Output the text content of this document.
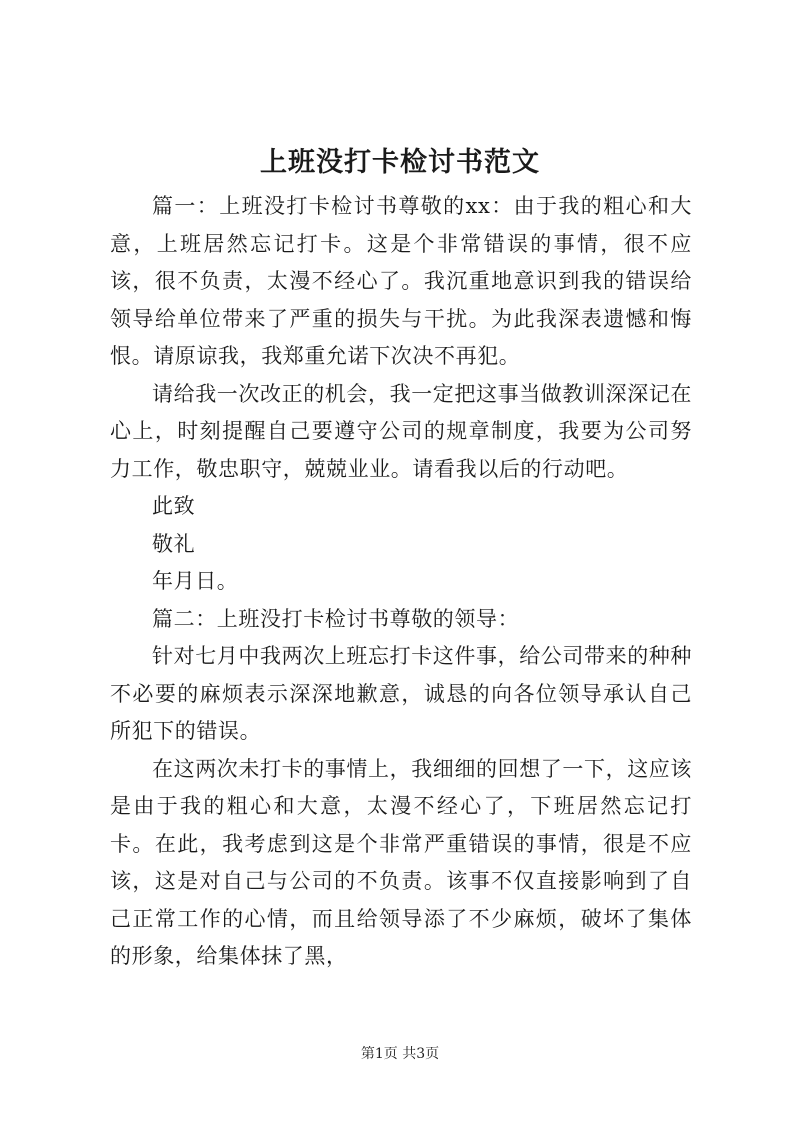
上班没打卡检讨书范文

篇一：上班没打卡检讨书尊敬的xx：由于我的粗心和大意，上班居然忘记打卡。这是个非常错误的事情，很不应该，很不负责，太漫不经心了。我沉重地意识到我的错误给领导给单位带来了严重的损失与干扰。为此我深表遗憾和悔恨。请原谅我，我郑重允诺下次决不再犯。

请给我一次改正的机会，我一定把这事当做教训深深记在心上，时刻提醒自己要遵守公司的规章制度，我要为公司努力工作，敬忠职守，兢兢业业。请看我以后的行动吧。

此致

敬礼

年月日。

篇二：上班没打卡检讨书尊敬的领导：

针对七月中我两次上班忘打卡这件事，给公司带来的种种不必要的麻烦表示深深地歉意，诚恳的向各位领导承认自己所犯下的错误。

在这两次未打卡的事情上，我细细的回想了一下，这应该是由于我的粗心和大意，太漫不经心了，下班居然忘记打卡。在此，我考虑到这是个非常严重错误的事情，很是不应该，这是对自己与公司的不负责。该事不仅直接影响到了自己正常工作的心情，而且给领导添了不少麻烦，破坏了集体的形象，给集体抹了黑，

第1页 共3页
